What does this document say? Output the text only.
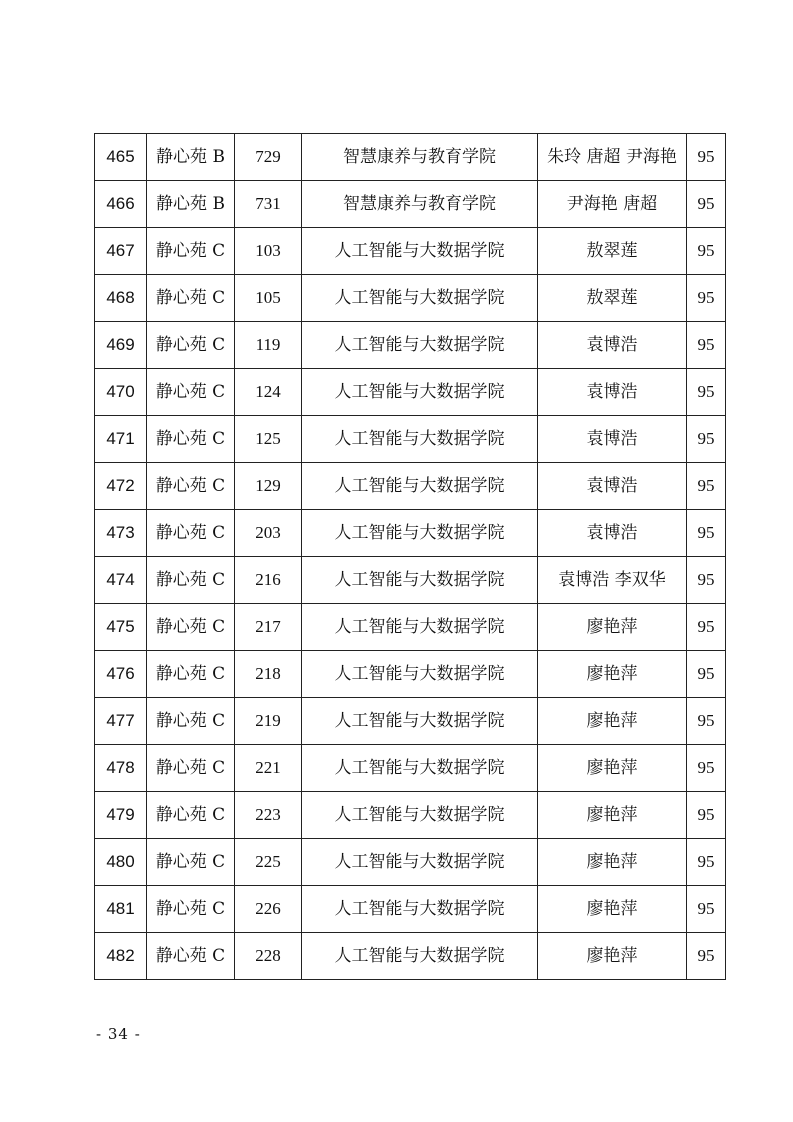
465	静心苑 B	729	智慧康养与教育学院	朱玲 唐超 尹海艳	95
466	静心苑 B	731	智慧康养与教育学院	尹海艳 唐超	95
467	静心苑 C	103	人工智能与大数据学院	敖翠莲	95
468	静心苑 C	105	人工智能与大数据学院	敖翠莲	95
469	静心苑 C	119	人工智能与大数据学院	袁博浩	95
470	静心苑 C	124	人工智能与大数据学院	袁博浩	95
471	静心苑 C	125	人工智能与大数据学院	袁博浩	95
472	静心苑 C	129	人工智能与大数据学院	袁博浩	95
473	静心苑 C	203	人工智能与大数据学院	袁博浩	95
474	静心苑 C	216	人工智能与大数据学院	袁博浩 李双华	95
475	静心苑 C	217	人工智能与大数据学院	廖艳萍	95
476	静心苑 C	218	人工智能与大数据学院	廖艳萍	95
477	静心苑 C	219	人工智能与大数据学院	廖艳萍	95
478	静心苑 C	221	人工智能与大数据学院	廖艳萍	95
479	静心苑 C	223	人工智能与大数据学院	廖艳萍	95
480	静心苑 C	225	人工智能与大数据学院	廖艳萍	95
481	静心苑 C	226	人工智能与大数据学院	廖艳萍	95
482	静心苑 C	228	人工智能与大数据学院	廖艳萍	95
- 34 -
